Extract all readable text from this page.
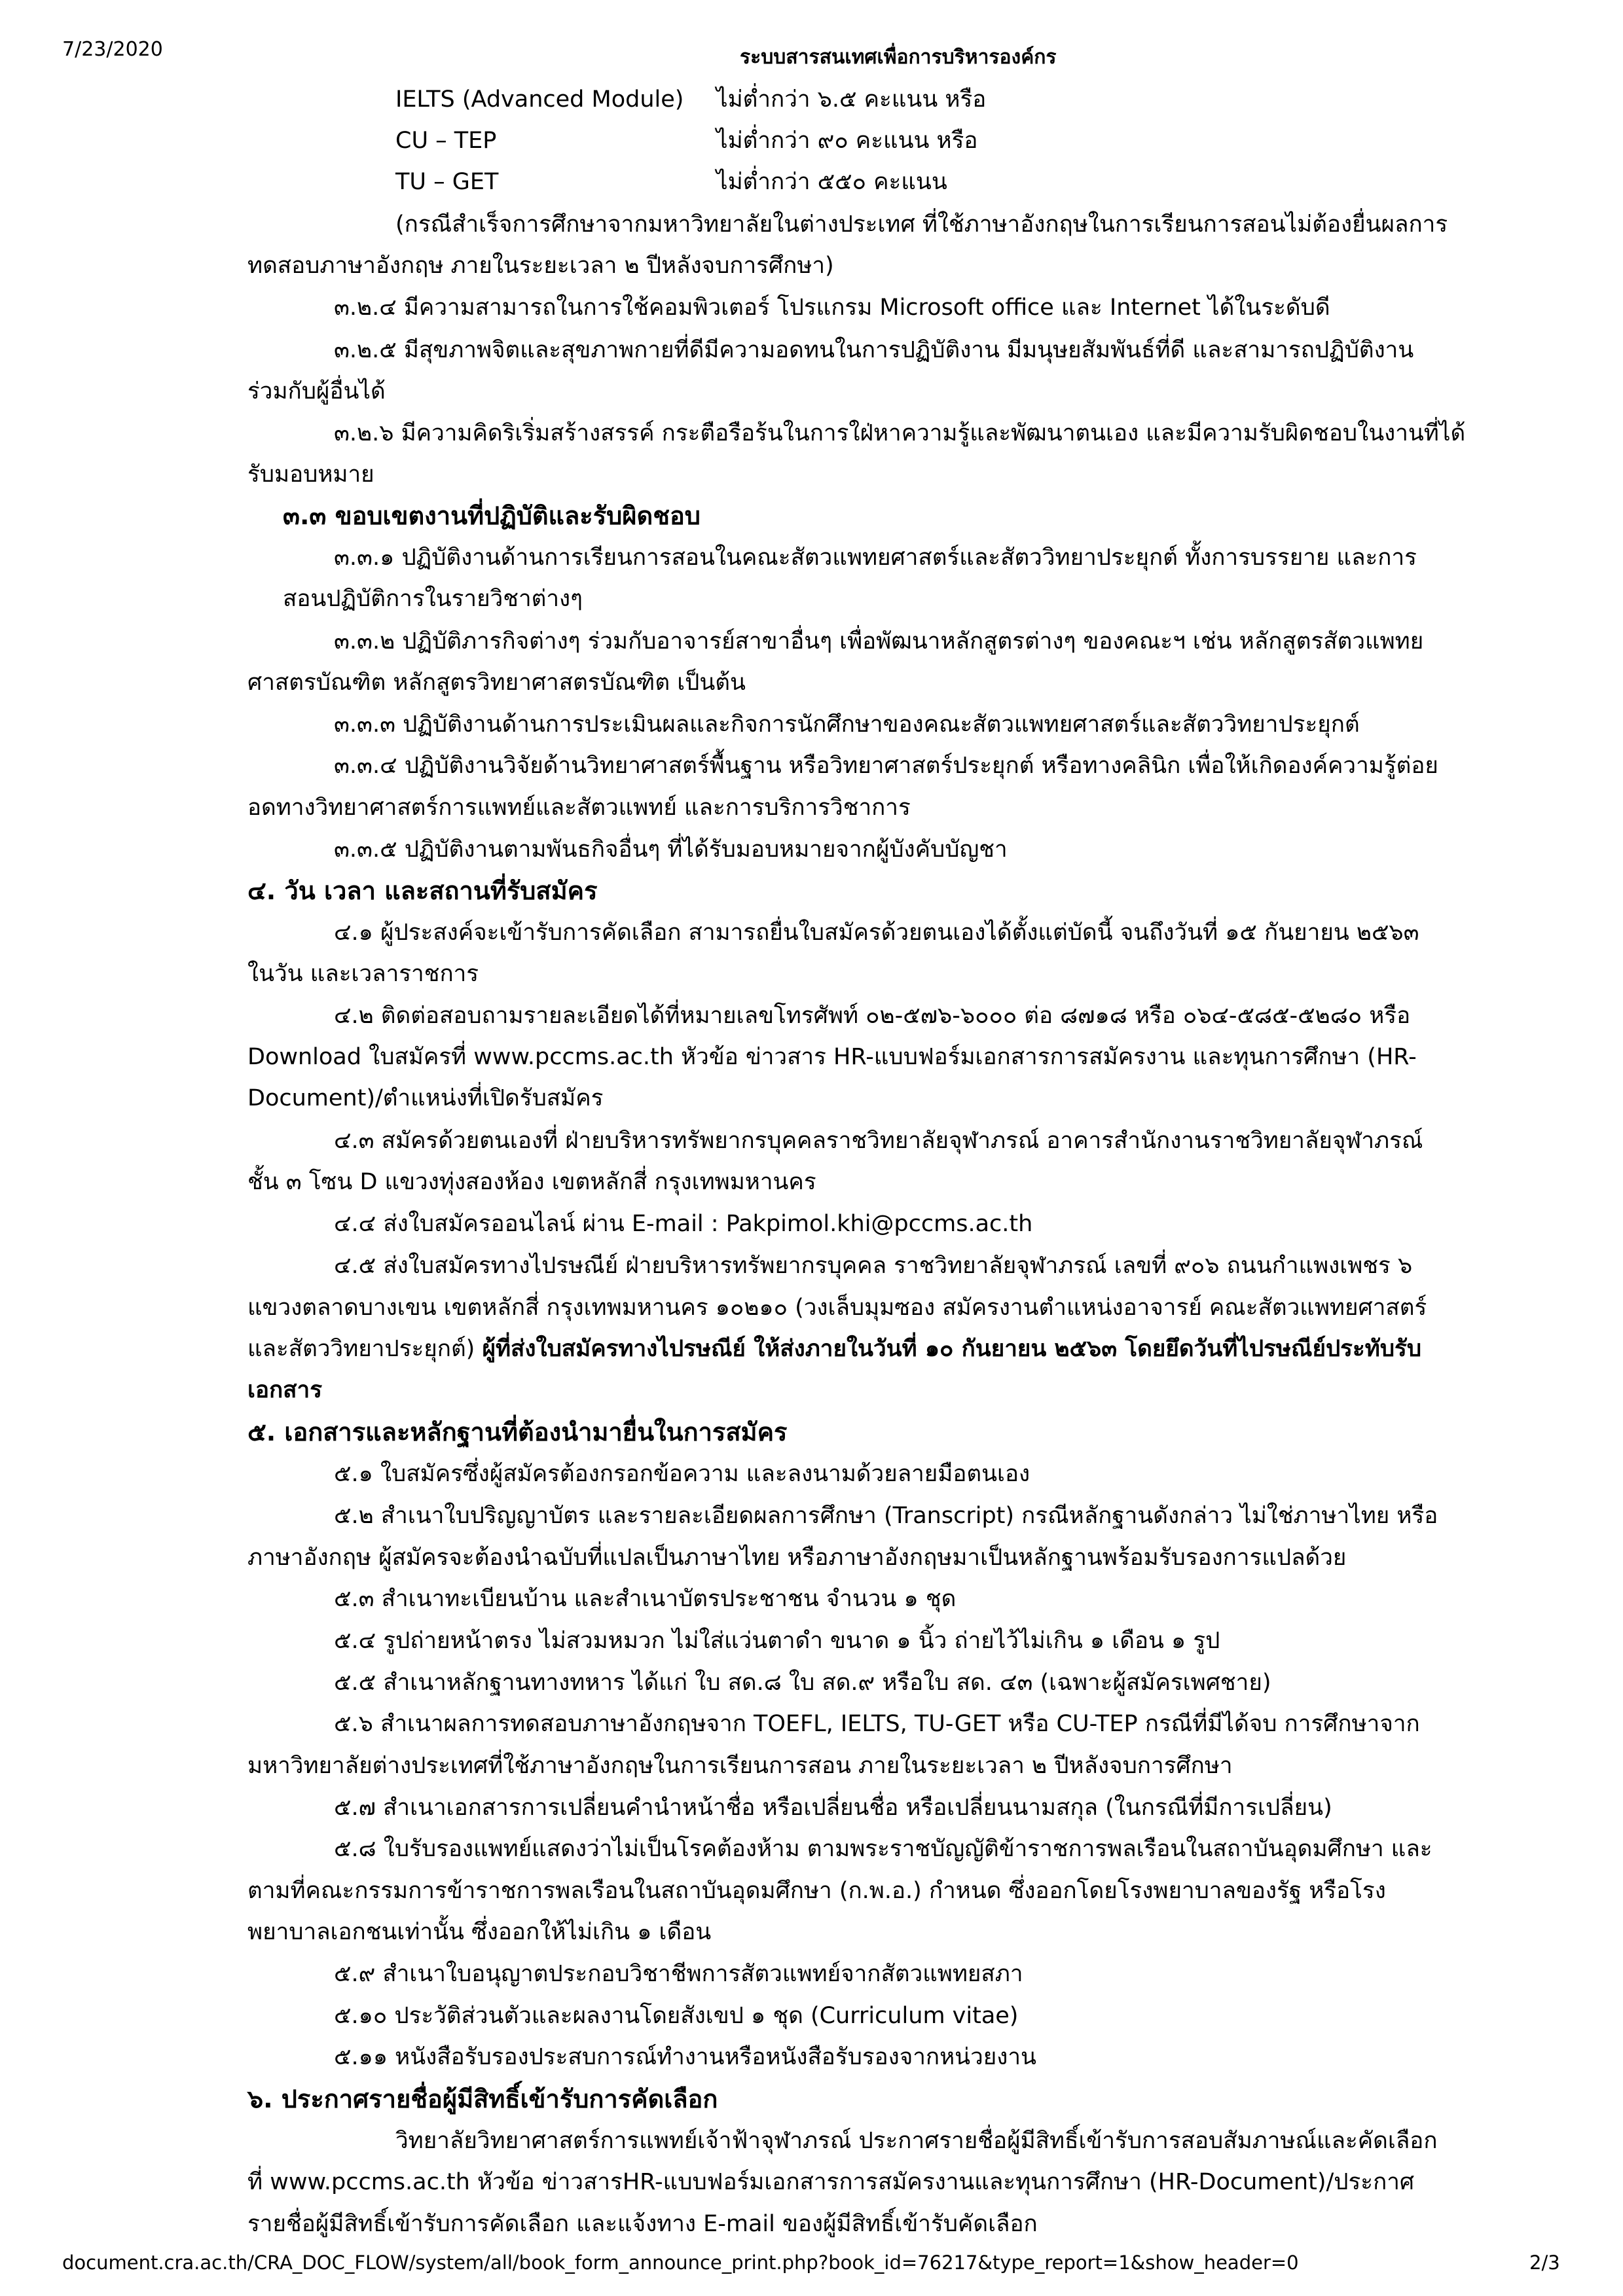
7/23/2020	ระบบสารสนเทศเพื่อการบริหารองค์กร
IELTS (Advanced Module) ไม่ต่ำกว่า ๖.๕ คะแนน หรือ
CU – TEP	ไม่ต่ำกว่า ๙๐ คะแนน หรือ
TU – GET	ไม่ต่ำกว่า ๕๕๐ คะแนน
(กรณีสำเร็จการศึกษาจากมหาวิทยาลัยในต่างประเทศ ที่ใช้ภาษาอังกฤษในการเรียนการสอนไม่ต้องยื่นผลการ
ทดสอบภาษาอังกฤษ ภายในระยะเวลา ๒ ปีหลังจบการศึกษา)
๓.๒.๔ มีความสามารถในการใช้คอมพิวเตอร์ โปรแกรม Microsoft office และ Internet ได้ในระดับดี
๓.๒.๕ มีสุขภาพจิตและสุขภาพกายที่ดีมีความอดทนในการปฏิบัติงาน มีมนุษยสัมพันธ์ที่ดี และสามารถปฏิบัติงาน
ร่วมกับผู้อื่นได้
๓.๒.๖ มีความคิดริเริ่มสร้างสรรค์ กระตือรือร้นในการใฝ่หาความรู้และพัฒนาตนเอง และมีความรับผิดชอบในงานที่ได้
รับมอบหมาย
๓.๓ ขอบเขตงานที่ปฏิบัติและรับผิดชอบ
๓.๓.๑ ปฏิบัติงานด้านการเรียนการสอนในคณะสัตวแพทยศาสตร์และสัตววิทยาประยุกต์ ทั้งการบรรยาย และการ
สอนปฏิบัติการในรายวิชาต่างๆ
๓.๓.๒ ปฏิบัติภารกิจต่างๆ ร่วมกับอาจารย์สาขาอื่นๆ เพื่อพัฒนาหลักสูตรต่างๆ ของคณะฯ เช่น หลักสูตรสัตวแพทย
ศาสตรบัณฑิต หลักสูตรวิทยาศาสตรบัณฑิต เป็นต้น
๓.๓.๓ ปฏิบัติงานด้านการประเมินผลและกิจการนักศึกษาของคณะสัตวแพทยศาสตร์และสัตววิทยาประยุกต์
๓.๓.๔ ปฏิบัติงานวิจัยด้านวิทยาศาสตร์พื้นฐาน หรือวิทยาศาสตร์ประยุกต์ หรือทางคลินิก เพื่อให้เกิดองค์ความรู้ต่อย
อดทางวิทยาศาสตร์การแพทย์และสัตวแพทย์ และการบริการวิชาการ
๓.๓.๕ ปฏิบัติงานตามพันธกิจอื่นๆ ที่ได้รับมอบหมายจากผู้บังคับบัญชา
๔. วัน เวลา และสถานที่รับสมัคร
๔.๑ ผู้ประสงค์จะเข้ารับการคัดเลือก สามารถยื่นใบสมัครด้วยตนเองได้ตั้งแต่บัดนี้ จนถึงวันที่ ๑๕ กันยายน ๒๕๖๓
ในวัน และเวลาราชการ
๔.๒ ติดต่อสอบถามรายละเอียดได้ที่หมายเลขโทรศัพท์ ๐๒-๕๗๖-๖๐๐๐ ต่อ ๘๗๑๘ หรือ ๐๖๔-๕๘๕-๕๒๘๐ หรือ
Download ใบสมัครที่ www.pccms.ac.th หัวข้อ ข่าวสาร HR-แบบฟอร์มเอกสารการสมัครงาน และทุนการศึกษา (HR-
Document)/ตำแหน่งที่เปิดรับสมัคร
๔.๓ สมัครด้วยตนเองที่ ฝ่ายบริหารทรัพยากรบุคคลราชวิทยาลัยจุฬาภรณ์ อาคารสำนักงานราชวิทยาลัยจุฬาภรณ์
ชั้น ๓ โซน D แขวงทุ่งสองห้อง เขตหลักสี่ กรุงเทพมหานคร
๔.๔ ส่งใบสมัครออนไลน์ ผ่าน E-mail : Pakpimol.khi@pccms.ac.th
๔.๕ ส่งใบสมัครทางไปรษณีย์ ฝ่ายบริหารทรัพยากรบุคคล ราชวิทยาลัยจุฬาภรณ์ เลขที่ ๙๐๖ ถนนกำแพงเพชร ๖
แขวงตลาดบางเขน เขตหลักสี่ กรุงเทพมหานคร ๑๐๒๑๐ (วงเล็บมุมซอง สมัครงานตำแหน่งอาจารย์ คณะสัตวแพทยศาสตร์
และสัตววิทยาประยุกต์) ผู้ที่ส่งใบสมัครทางไปรษณีย์ ให้ส่งภายในวันที่ ๑๐ กันยายน ๒๕๖๓ โดยยึดวันที่ไปรษณีย์ประทับรับ
เอกสาร
๕. เอกสารและหลักฐานที่ต้องนำมายื่นในการสมัคร
๕.๑ ใบสมัครซึ่งผู้สมัครต้องกรอกข้อความ และลงนามด้วยลายมือตนเอง
๕.๒ สำเนาใบปริญญาบัตร และรายละเอียดผลการศึกษา (Transcript) กรณีหลักฐานดังกล่าว ไม่ใช่ภาษาไทย หรือ
ภาษาอังกฤษ ผู้สมัครจะต้องนำฉบับที่แปลเป็นภาษาไทย หรือภาษาอังกฤษมาเป็นหลักฐานพร้อมรับรองการแปลด้วย
๕.๓ สำเนาทะเบียนบ้าน และสำเนาบัตรประชาชน จำนวน ๑ ชุด
๕.๔ รูปถ่ายหน้าตรง ไม่สวมหมวก ไม่ใส่แว่นตาดำ ขนาด ๑ นิ้ว ถ่ายไว้ไม่เกิน ๑ เดือน ๑ รูป
๕.๕ สำเนาหลักฐานทางทหาร ได้แก่ ใบ สด.๘ ใบ สด.๙ หรือใบ สด. ๔๓ (เฉพาะผู้สมัครเพศชาย)
๕.๖ สำเนาผลการทดสอบภาษาอังกฤษจาก TOEFL, IELTS, TU-GET หรือ CU-TEP กรณีที่มีได้จบ การศึกษาจาก
มหาวิทยาลัยต่างประเทศที่ใช้ภาษาอังกฤษในการเรียนการสอน ภายในระยะเวลา ๒ ปีหลังจบการศึกษา
๕.๗ สำเนาเอกสารการเปลี่ยนคำนำหน้าชื่อ หรือเปลี่ยนชื่อ หรือเปลี่ยนนามสกุล (ในกรณีที่มีการเปลี่ยน)
๕.๘ ใบรับรองแพทย์แสดงว่าไม่เป็นโรคต้องห้าม ตามพระราชบัญญัติข้าราชการพลเรือนในสถาบันอุดมศึกษา และ
ตามที่คณะกรรมการข้าราชการพลเรือนในสถาบันอุดมศึกษา (ก.พ.อ.) กำหนด ซึ่งออกโดยโรงพยาบาลของรัฐ หรือโรง
พยาบาลเอกชนเท่านั้น ซึ่งออกให้ไม่เกิน ๑ เดือน
๕.๙ สำเนาใบอนุญาตประกอบวิชาชีพการสัตวแพทย์จากสัตวแพทยสภา
๕.๑๐ ประวัติส่วนตัวและผลงานโดยสังเขป ๑ ชุด (Curriculum vitae)
๕.๑๑ หนังสือรับรองประสบการณ์ทำงานหรือหนังสือรับรองจากหน่วยงาน
๖. ประกาศรายชื่อผู้มีสิทธิ์เข้ารับการคัดเลือก
วิทยาลัยวิทยาศาสตร์การแพทย์เจ้าฟ้าจุฬาภรณ์ ประกาศรายชื่อผู้มีสิทธิ์เข้ารับการสอบสัมภาษณ์และคัดเลือก
ที่ www.pccms.ac.th หัวข้อ ข่าวสารHR-แบบฟอร์มเอกสารการสมัครงานและทุนการศึกษา (HR-Document)/ประกาศ
รายชื่อผู้มีสิทธิ์เข้ารับการคัดเลือก และแจ้งทาง E-mail ของผู้มีสิทธิ์เข้ารับคัดเลือก
document.cra.ac.th/CRA_DOC_FLOW/system/all/book_form_announce_print.php?book_id=76217&type_report=1&show_header=0	2/3
